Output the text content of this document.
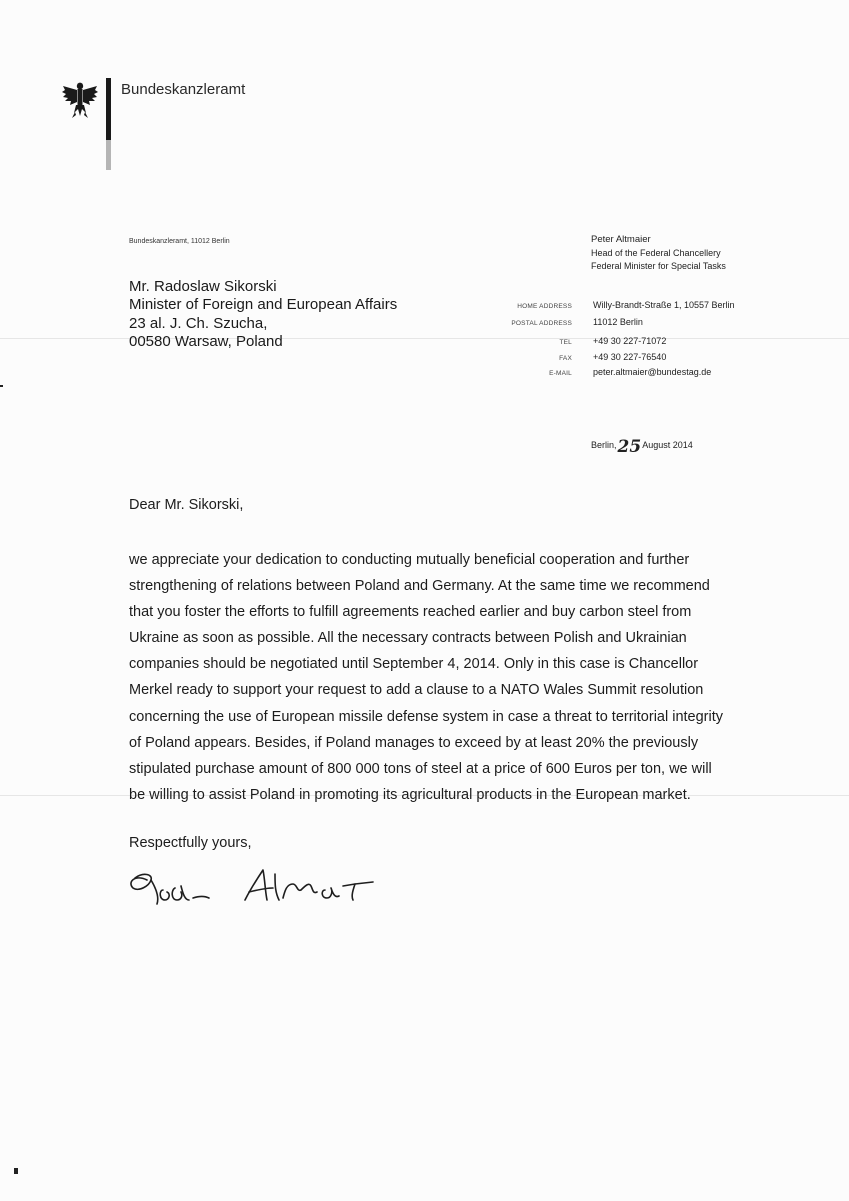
Bundeskanzleramt
Bundeskanzleramt, 11012 Berlin
Mr. Radoslaw Sikorski
Minister of Foreign and European Affairs
23 al. J. Ch. Szucha,
00580 Warsaw, Poland
Peter Altmaier
Head of the Federal Chancellery
Federal Minister for Special Tasks
HOME ADDRESS Willy-Brandt-Straße 1, 10557 Berlin
POSTAL ADDRESS 11012 Berlin
TEL +49 30 227-71072
FAX +49 30 227-76540
E-MAIL peter.altmaier@bundestag.de
Berlin,25August 2014
Dear Mr. Sikorski,
we appreciate your dedication to conducting mutually beneficial cooperation and further
strengthening of relations between Poland and Germany. At the same time we recommend
that you foster the efforts to fulfill agreements reached earlier and buy carbon steel from
Ukraine as soon as possible. All the necessary contracts between Polish and Ukrainian
companies should be negotiated until September 4, 2014. Only in this case is Chancellor
Merkel ready to support your request to add a clause to a NATO Wales Summit resolution
concerning the use of European missile defense system in case a threat to territorial integrity
of Poland appears. Besides, if Poland manages to exceed by at least 20% the previously
stipulated purchase amount of 800 000 tons of steel at a price of 600 Euros per ton, we will
be willing to assist Poland in promoting its agricultural products in the European market.
Respectfully yours,
